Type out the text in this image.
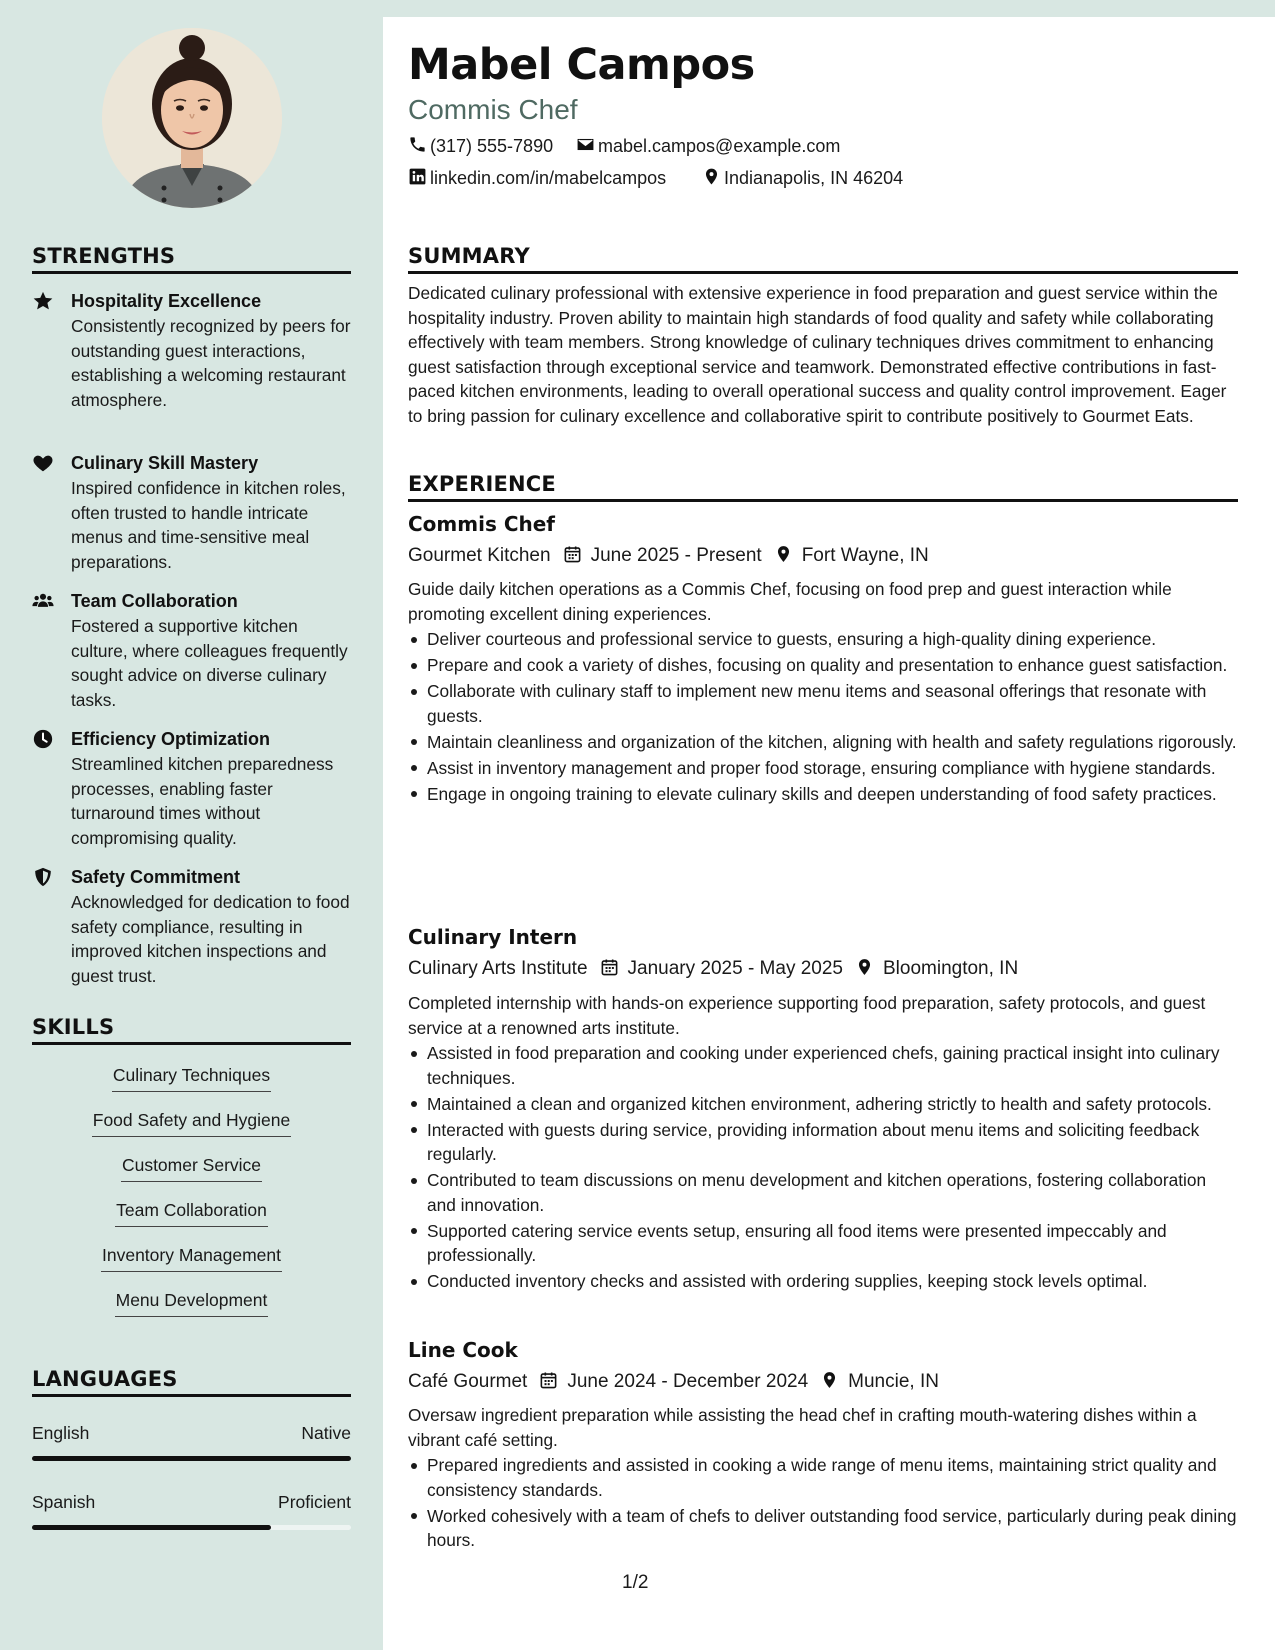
Mabel Campos
Commis Chef
(317) 555-7890	mabel.campos@example.com
linkedin.com/in/mabelcampos	Indianapolis, IN 46204
STRENGTHS
Hospitality Excellence
Consistently recognized by peers for outstanding guest interactions, establishing a welcoming restaurant atmosphere.
Culinary Skill Mastery
Inspired confidence in kitchen roles, often trusted to handle intricate menus and time-sensitive meal preparations.
Team Collaboration
Fostered a supportive kitchen culture, where colleagues frequently sought advice on diverse culinary tasks.
Efficiency Optimization
Streamlined kitchen preparedness processes, enabling faster turnaround times without compromising quality.
Safety Commitment
Acknowledged for dedication to food safety compliance, resulting in improved kitchen inspections and guest trust.
SKILLS
Culinary Techniques
Food Safety and Hygiene
Customer Service
Team Collaboration
Inventory Management
Menu Development
LANGUAGES
English	Native
Spanish	Proficient
SUMMARY
Dedicated culinary professional with extensive experience in food preparation and guest service within the hospitality industry. Proven ability to maintain high standards of food quality and safety while collaborating effectively with team members. Strong knowledge of culinary techniques drives commitment to enhancing guest satisfaction through exceptional service and teamwork. Demonstrated effective contributions in fast-paced kitchen environments, leading to overall operational success and quality control improvement. Eager to bring passion for culinary excellence and collaborative spirit to contribute positively to Gourmet Eats.
EXPERIENCE
Commis Chef
Gourmet Kitchen June 2025 - Present Fort Wayne, IN
Guide daily kitchen operations as a Commis Chef, focusing on food prep and guest interaction while promoting excellent dining experiences.
Deliver courteous and professional service to guests, ensuring a high-quality dining experience.
Prepare and cook a variety of dishes, focusing on quality and presentation to enhance guest satisfaction.
Collaborate with culinary staff to implement new menu items and seasonal offerings that resonate with guests.
Maintain cleanliness and organization of the kitchen, aligning with health and safety regulations rigorously.
Assist in inventory management and proper food storage, ensuring compliance with hygiene standards.
Engage in ongoing training to elevate culinary skills and deepen understanding of food safety practices.
Culinary Intern
Culinary Arts Institute January 2025 - May 2025 Bloomington, IN
Completed internship with hands-on experience supporting food preparation, safety protocols, and guest service at a renowned arts institute.
Assisted in food preparation and cooking under experienced chefs, gaining practical insight into culinary techniques.
Maintained a clean and organized kitchen environment, adhering strictly to health and safety protocols.
Interacted with guests during service, providing information about menu items and soliciting feedback regularly.
Contributed to team discussions on menu development and kitchen operations, fostering collaboration and innovation.
Supported catering service events setup, ensuring all food items were presented impeccably and professionally.
Conducted inventory checks and assisted with ordering supplies, keeping stock levels optimal.
Line Cook
Café Gourmet June 2024 - December 2024 Muncie, IN
Oversaw ingredient preparation while assisting the head chef in crafting mouth-watering dishes within a vibrant café setting.
Prepared ingredients and assisted in cooking a wide range of menu items, maintaining strict quality and consistency standards.
Worked cohesively with a team of chefs to deliver outstanding food service, particularly during peak dining hours.
1/2
